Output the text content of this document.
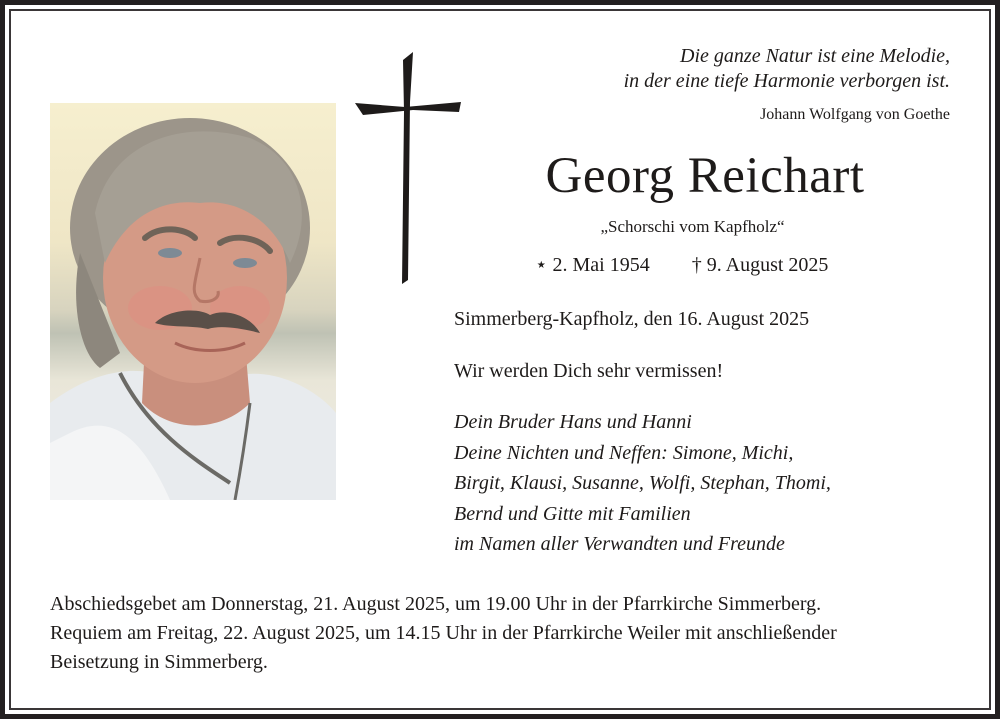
Die ganze Natur ist eine Melodie,
in der eine tiefe Harmonie verborgen ist.
Johann Wolfgang von Goethe
Georg Reichart
„Schorschi vom Kapfholz“
⋆ 2. Mai 1954 † 9. August 2025
Simmerberg-Kapfholz, den 16. August 2025
Wir werden Dich sehr vermissen!
Dein Bruder Hans und Hanni
Deine Nichten und Neffen: Simone, Michi,
Birgit, Klausi, Susanne, Wolfi, Stephan, Thomi,
Bernd und Gitte mit Familien
im Namen aller Verwandten und Freunde
Abschiedsgebet am Donnerstag, 21. August 2025, um 19.00 Uhr in der Pfarrkirche Simmerberg.
Requiem am Freitag, 22. August 2025, um 14.15 Uhr in der Pfarrkirche Weiler mit anschließender
Beisetzung in Simmerberg.
